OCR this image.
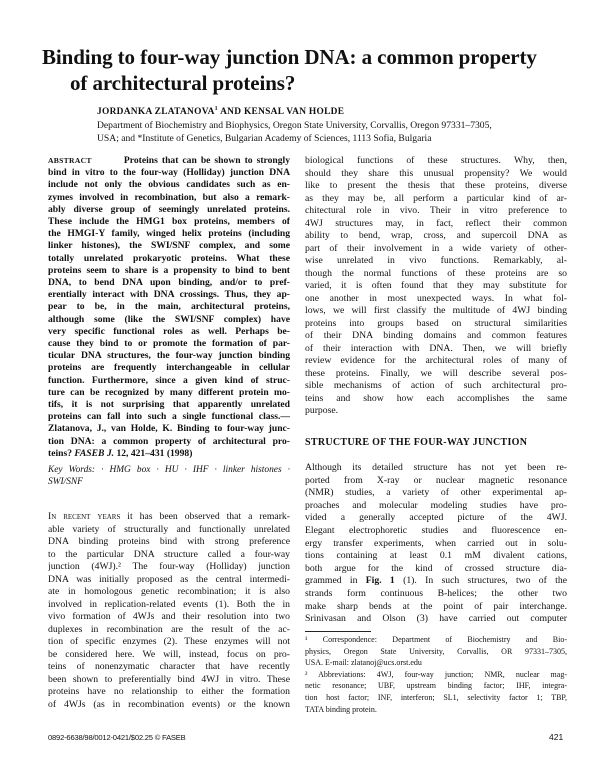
Binding to four-way junction DNA: a common property
of architectural proteins?
JORDANKA ZLATANOVA$^1$ AND KENSAL VAN HOLDE
Department of Biochemistry and Biophysics, Oregon State University, Corvallis, Oregon 97331–7305,
USA; and *Institute of Genetics, Bulgarian Academy of Sciences, 1113 Sofia, Bulgaria
ABSTRACT	Proteins that can be shown to strongly
bind in vitro to the four-way (Holliday) junction DNA
include not only the obvious candidates such as en-
zymes involved in recombination, but also a remark-
ably diverse group of seemingly unrelated proteins.
These include the HMG1 box proteins, members of
the HMGI-Y family, winged helix proteins (including
linker histones), the SWI/SNF complex, and some
totally unrelated prokaryotic proteins. What these
proteins seem to share is a propensity to bind to bent
DNA, to bend DNA upon binding, and/or to pref-
erentially interact with DNA crossings. Thus, they ap-
pear to be, in the main, architectural proteins,
although some (like the SWI/SNF complex) have
very specific functional roles as well. Perhaps be-
cause they bind to or promote the formation of par-
ticular DNA structures, the four-way junction binding
proteins are frequently interchangeable in cellular
function. Furthermore, since a given kind of struc-
ture can be recognized by many different protein mo-
tifs, it is not surprising that apparently unrelated
proteins can fall into such a single functional class.—
Zlatanova, J., van Holde, K. Binding to four-way junc-
tion DNA: a common property of architectural pro-
teins? FASEB J. 12, 421–431 (1998)
Key Words: · HMG box · HU · IHF · linker histones ·
SWI/SNF
In recent years it has been observed that a remark-
able variety of structurally and functionally unrelated
DNA binding proteins bind with strong preference
to the particular DNA structure called a four-way
junction (4WJ).² The four-way (Holliday) junction
DNA was initially proposed as the central intermedi-
ate in homologous genetic recombination; it is also
involved in replication-related events (1). Both the in
vivo formation of 4WJs and their resolution into two
duplexes in recombination are the result of the ac-
tion of specific enzymes (2). These enzymes will not
be considered here. We will, instead, focus on pro-
teins of nonenzymatic character that have recently
been shown to preferentially bind 4WJ in vitro. These
proteins have no relationship to either the formation
of 4WJs (as in recombination events) or the known
biological functions of these structures. Why, then,
should they share this unusual propensity? We would
like to present the thesis that these proteins, diverse
as they may be, all perform a particular kind of ar-
chitectural role in vivo. Their in vitro preference to
4WJ structures may, in fact, reflect their common
ability to bend, wrap, cross, and supercoil DNA as
part of their involvement in a wide variety of other-
wise unrelated in vivo functions. Remarkably, al-
though the normal functions of these proteins are so
varied, it is often found that they may substitute for
one another in most unexpected ways. In what fol-
lows, we will first classify the multitude of 4WJ binding
proteins into groups based on structural similarities
of their DNA binding domains and common features
of their interaction with DNA. Then, we will briefly
review evidence for the architectural roles of many of
these proteins. Finally, we will describe several pos-
sible mechanisms of action of such architectural pro-
teins and show how each accomplishes the same
purpose.
STRUCTURE OF THE FOUR-WAY JUNCTION
Although its detailed structure has not yet been re-
ported from X-ray or nuclear magnetic resonance
(NMR) studies, a variety of other experimental ap-
proaches and molecular modeling studies have pro-
vided a generally accepted picture of the 4WJ.
Elegant electrophoretic studies and fluorescence en-
ergy transfer experiments, when carried out in solu-
tions containing at least 0.1 mM divalent cations,
both argue for the kind of crossed structure dia-
grammed in Fig. 1 (1). In such structures, two of the
strands form continuous B-helices; the other two
make sharp bends at the point of pair interchange.
Srinivasan and Olson (3) have carried out computer
¹ Correspondence: Department of Biochemistry and Bio-
physics, Oregon State University, Corvallis, OR 97331–7305,
USA. E-mail: zlatanoj@ucs.orst.edu
² Abbreviations: 4WJ, four-way junction; NMR, nuclear mag-
netic resonance; UBF, upstream binding factor; IHF, integra-
tion host factor; INF, interferon; SL1, selectivity factor 1; TBP,
TATA binding protein.
0892-6638/98/0012-0421/$02.25 © FASEB	421
